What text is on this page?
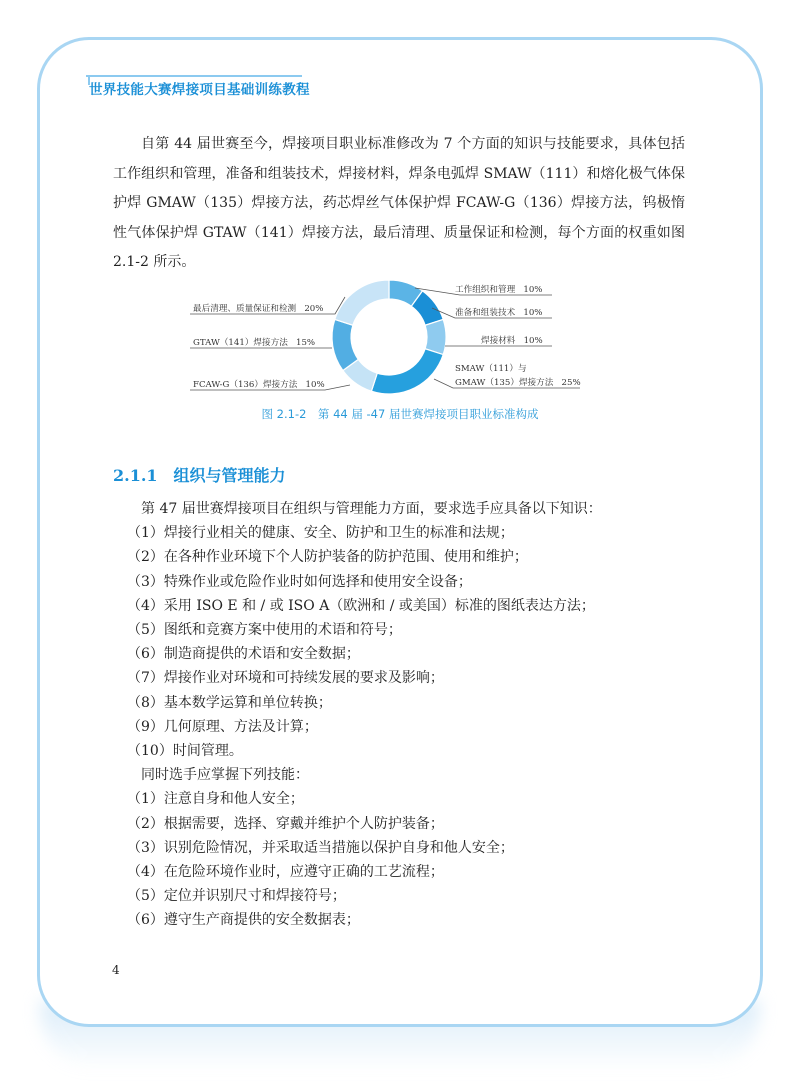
世界技能大赛焊接项目基础训练教程
自第 44 届世赛至今，焊接项目职业标准修改为 7 个方面的知识与技能要求，具体包括工作组织和管理，准备和组装技术，焊接材料，焊条电弧焊 SMAW（111）和熔化极气体保护焊 GMAW（135）焊接方法，药芯焊丝气体保护焊 FCAW-G（136）焊接方法，钨极惰性气体保护焊 GTAW（141）焊接方法，最后清理、质量保证和检测，每个方面的权重如图 2.1-2 所示。
工作组织和管理 10%
准备和组装技术 10%
焊接材料 10%
SMAW（111）与
GMAW（135）焊接方法 25%
最后清理、质量保证和检测 20%
GTAW（141）焊接方法 15%
FCAW-G（136）焊接方法 10%
图 2.1-2　第 44 届 -47 届世赛焊接项目职业标准构成
2.1.1 组织与管理能力
第 47 届世赛焊接项目在组织与管理能力方面，要求选手应具备以下知识：
（1）焊接行业相关的健康、安全、防护和卫生的标准和法规；
（2）在各种作业环境下个人防护装备的防护范围、使用和维护；
（3）特殊作业或危险作业时如何选择和使用安全设备；
（4）采用 ISO E 和 / 或 ISO A（欧洲和 / 或美国）标准的图纸表达方法；
（5）图纸和竞赛方案中使用的术语和符号；
（6）制造商提供的术语和安全数据；
（7）焊接作业对环境和可持续发展的要求及影响；
（8）基本数学运算和单位转换；
（9）几何原理、方法及计算；
（10）时间管理。
同时选手应掌握下列技能：
（1）注意自身和他人安全；
（2）根据需要，选择、穿戴并维护个人防护装备；
（3）识别危险情况，并采取适当措施以保护自身和他人安全；
（4）在危险环境作业时，应遵守正确的工艺流程；
（5）定位并识别尺寸和焊接符号；
（6）遵守生产商提供的安全数据表；
4
